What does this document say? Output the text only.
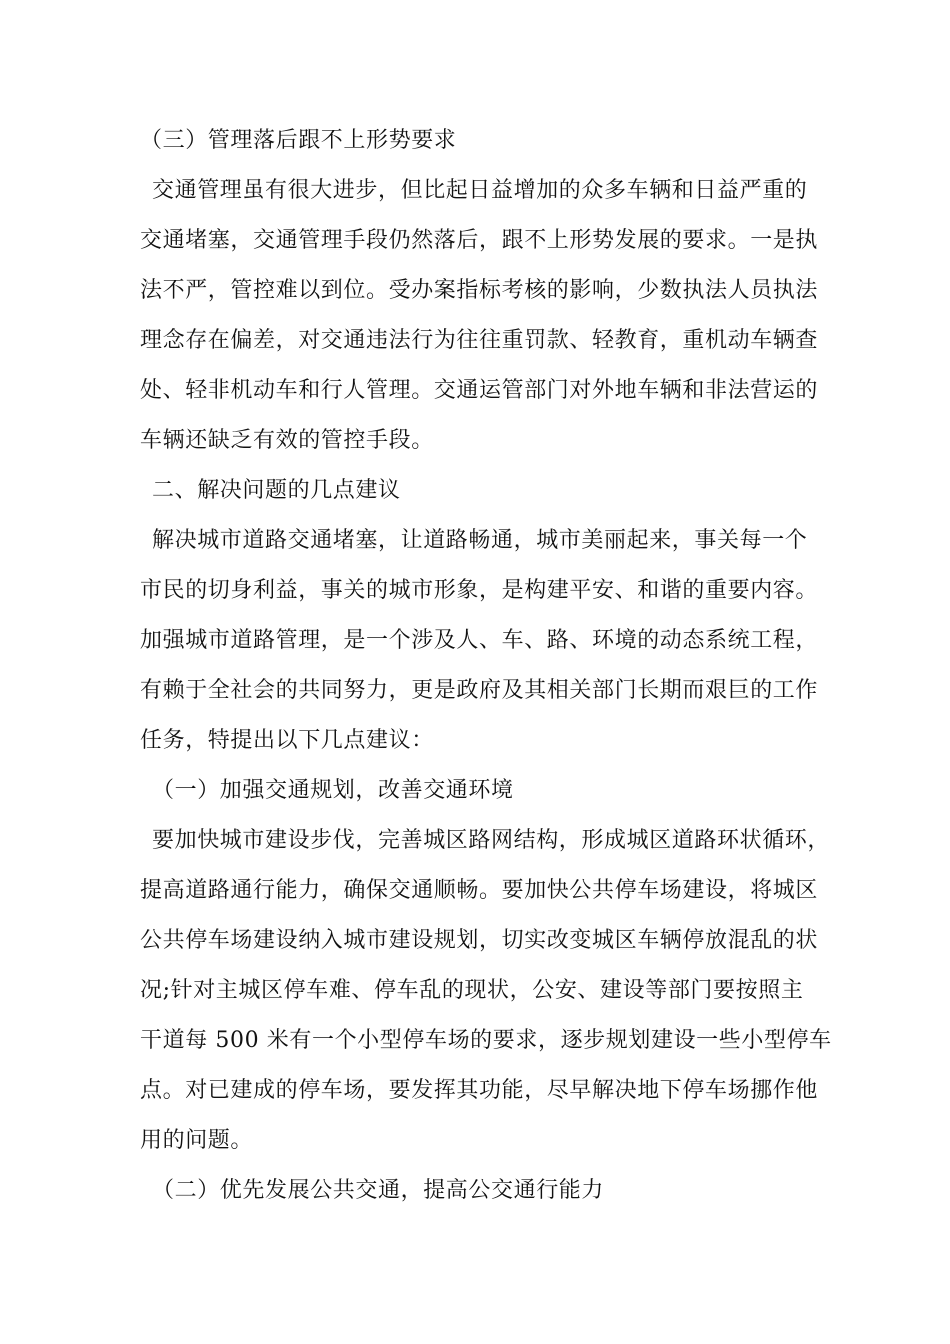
（三）管理落后跟不上形势要求
交通管理虽有很大进步，但比起日益增加的众多车辆和日益严重的
交通堵塞，交通管理手段仍然落后，跟不上形势发展的要求。一是执
法不严，管控难以到位。受办案指标考核的影响，少数执法人员执法
理念存在偏差，对交通违法行为往往重罚款、轻教育，重机动车辆查
处、轻非机动车和行人管理。交通运管部门对外地车辆和非法营运的
车辆还缺乏有效的管控手段。
二、解决问题的几点建议
解决城市道路交通堵塞，让道路畅通，城市美丽起来，事关每一个
市民的切身利益，事关的城市形象，是构建平安、和谐的重要内容。
加强城市道路管理，是一个涉及人、车、路、环境的动态系统工程，
有赖于全社会的共同努力，更是政府及其相关部门长期而艰巨的工作
任务，特提出以下几点建议：
（一）加强交通规划，改善交通环境
要加快城市建设步伐，完善城区路网结构，形成城区道路环状循环，
提高道路通行能力，确保交通顺畅。要加快公共停车场建设，将城区
公共停车场建设纳入城市建设规划，切实改变城区车辆停放混乱的状
况;针对主城区停车难、停车乱的现状，公安、建设等部门要按照主
干道每 500 米有一个小型停车场的要求，逐步规划建设一些小型停车
点。对已建成的停车场，要发挥其功能，尽早解决地下停车场挪作他
用的问题。
（二）优先发展公共交通，提高公交通行能力
